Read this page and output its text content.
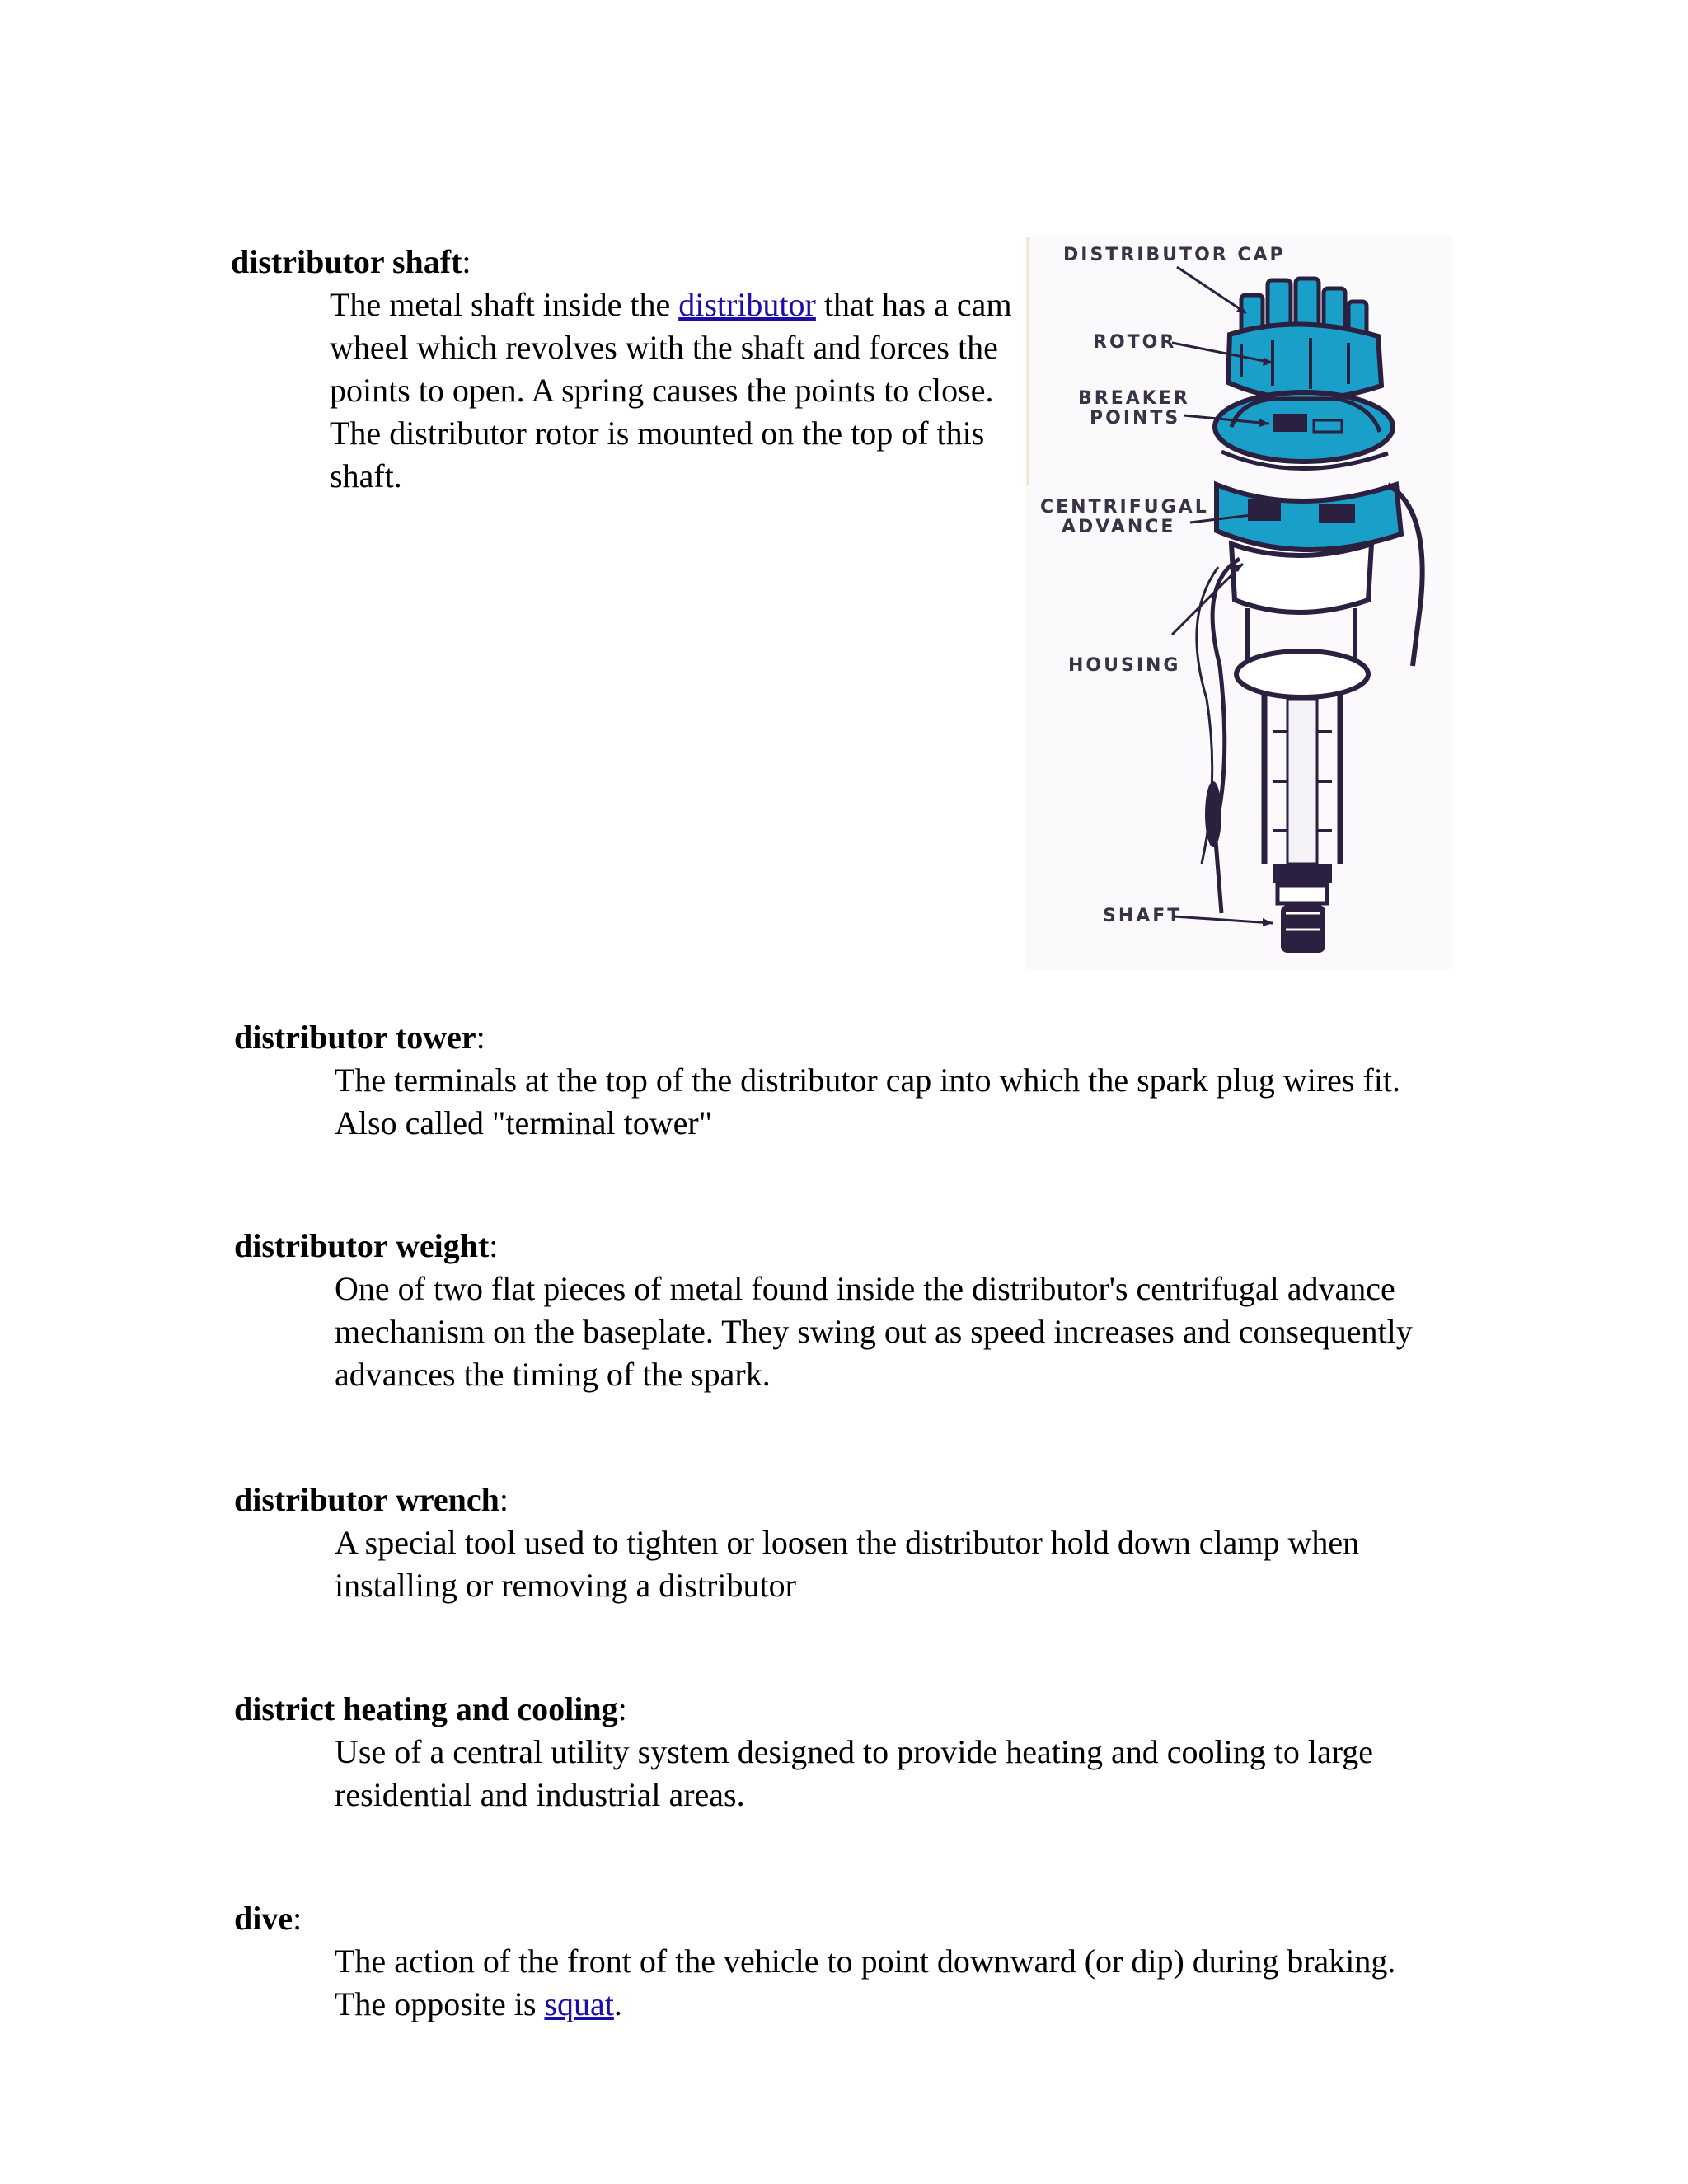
distributor shaft:
The metal shaft inside the distributor that has a cam wheel which revolves with the shaft and forces the points to open. A spring causes the points to close. The distributor rotor is mounted on the top of this shaft.
DISTRIBUTOR CAP
ROTOR
BREAKER
POINTS
CENTRIFUGAL
ADVANCE
HOUSING
SHAFT
distributor tower:
The terminals at the top of the distributor cap into which the spark plug wires fit. Also called "terminal tower"
distributor weight:
One of two flat pieces of metal found inside the distributor's centrifugal advance mechanism on the baseplate. They swing out as speed increases and consequently advances the timing of the spark.
distributor wrench:
A special tool used to tighten or loosen the distributor hold down clamp when installing or removing a distributor
district heating and cooling:
Use of a central utility system designed to provide heating and cooling to large residential and industrial areas.
dive:
The action of the front of the vehicle to point downward (or dip) during braking. The opposite is squat.
